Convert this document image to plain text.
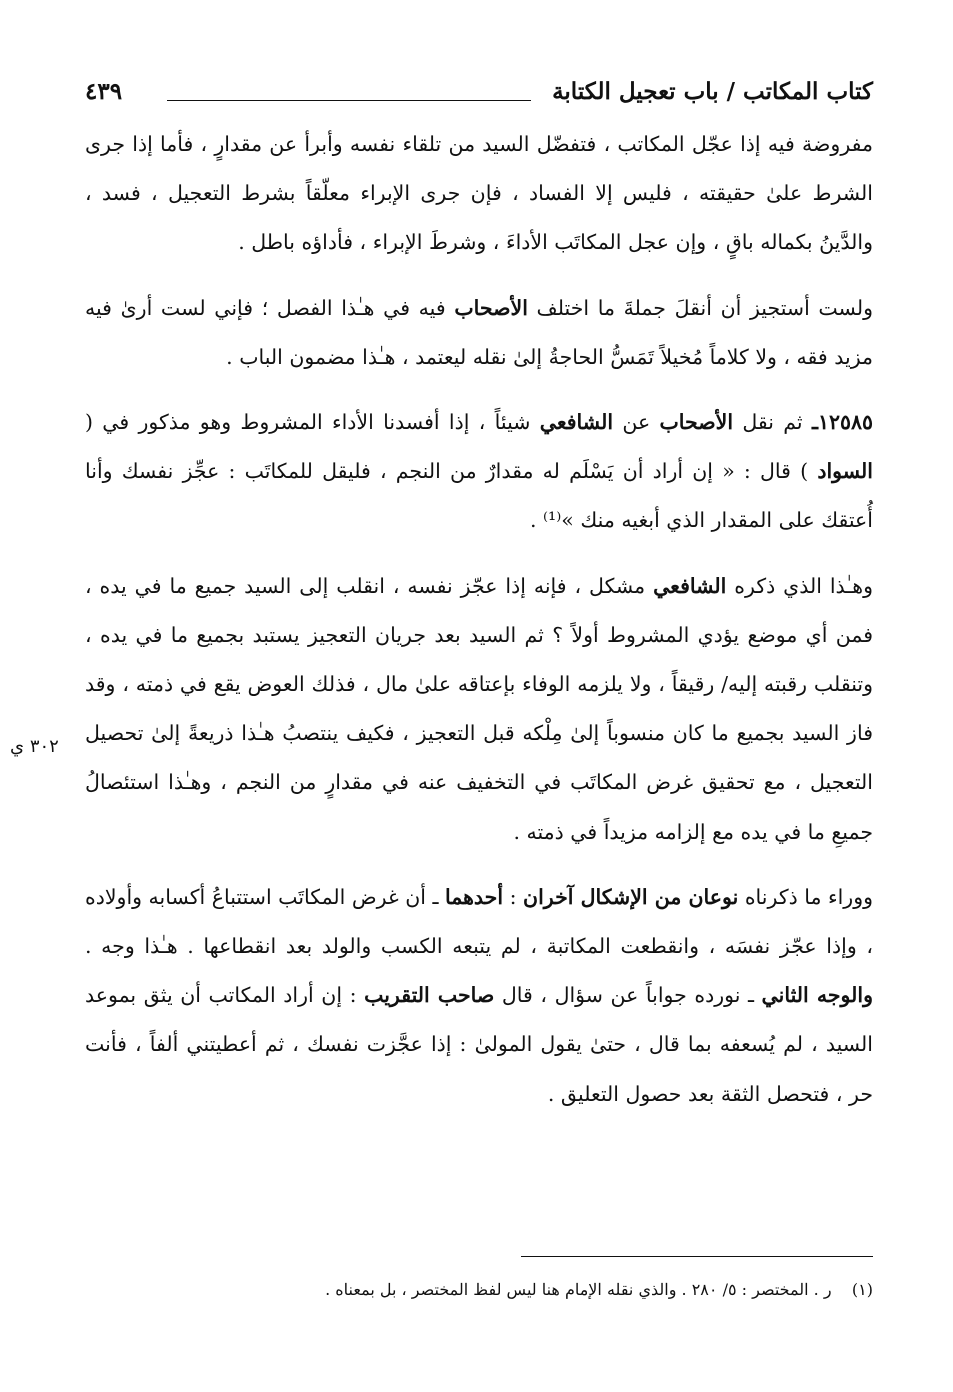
كتاب المكاتب / باب تعجيل الكتابة
٤٣٩

مفروضة فيه إذا عجّل المكاتب ، فتفضّل السيد من تلقاء نفسه وأبرأ عن مقدارٍ ، فأما إذا جرى الشرط علىٰ حقيقته ، فليس إلا الفساد ، فإن جرى الإبراء معلّقاً بشرط التعجيل ، فسد ، والدَّينُ بكماله باقٍ ، وإن عجل المكاتَب الأداءَ ، وشرطَ الإبراء ، فأداؤه باطل .

ولست أستجيز أن أنقلَ جملةَ ما اختلف الأصحاب فيه في هـٰذا الفصل ؛ فإني لست أرىٰ فيه مزيد فقه ، ولا كلاماً مُخيلاً تَمَسُّ الحاجةُ إلىٰ نقله ليعتمد ، هـٰذا مضمون الباب .

١٢٥٨٥ـ ثم نقل الأصحاب عن الشافعي شيئاً ، إذا أفسدنا الأداء المشروط وهو مذكور في ( السواد ) قال : « إن أراد أن يَسْلَم له مقدارٌ من النجم ، فليقل للمكاتَب : عجِّز نفسك وأنا أُعتقك على المقدار الذي أبغيه منك »⁽¹⁾ .

وهـٰذا الذي ذكره الشافعي مشكل ، فإنه إذا عجّز نفسه ، انقلب إلى السيد جميع ما في يده ، فمن أي موضع يؤدي المشروط أولاً ؟ ثم السيد بعد جريان التعجيز يستبد بجميع ما في يده ، وتنقلب رقبته إليه/ رقيقاً ، ولا يلزمه الوفاء بإعتاقه علىٰ مال ، فذلك العوض يقع في ذمته ، وقد فاز السيد بجميع ما كان منسوباً إلىٰ مِلْكه قبل التعجيز ، فكيف ينتصبُ هـٰذا ذريعةً إلىٰ تحصيل التعجيل ، مع تحقيق غرض المكاتَب في التخفيف عنه في مقدارٍ من النجم ، وهـٰذا استئصالُ جميعِ ما في يده مع إلزامه مزيداً في ذمته .

ووراء ما ذكرناه نوعان من الإشكال آخران : أحدهما ـ أن غرض المكاتَب استتباعُ أكسابه وأولاده ، وإذا عجّز نفسَه ، وانقطعت المكاتبة ، لم يتبعه الكسب والولد بعد انقطاعها . هـٰذا وجه . والوجه الثاني ـ نورده جواباً عن سؤال ، قال صاحب التقريب : إن أراد المكاتب أن يثق بموعد السيد ، لم يُسعفه بما قال ، حتىٰ يقول المولىٰ : إذا عجَّزت نفسك ، ثم أعطيتني ألفاً ، فأنت حر ، فتحصل الثقة بعد حصول التعليق .

٣٠٢ ي

(١)    ر . المختصر : ٥/ ٢٨٠ . والذي نقله الإمام هنا ليس لفظ المختصر ، بل بمعناه .
